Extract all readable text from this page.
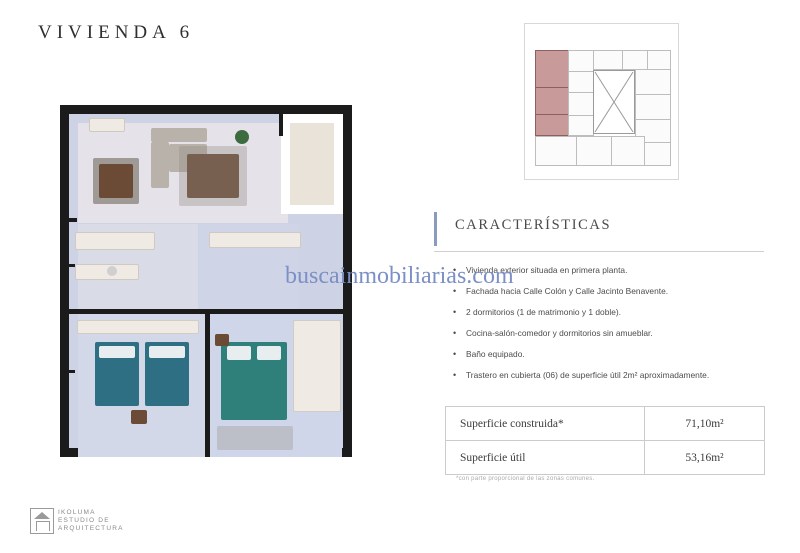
VIVIENDA 6
CARACTERÍSTICAS
• Vivienda exterior situada en primera planta.
• Fachada hacia Calle Colón y Calle Jacinto Benavente.
• 2 dormitorios (1 de matrimonio y 1 doble).
• Cocina-salón-comedor y dormitorios sin amueblar.
• Baño equipado.
• Trastero en cubierta (06) de superficie útil 2m² aproximadamente.
Superficie construida*	71,10m²
Superficie útil	53,16m²
*con parte proporcional de las zonas comunes.
buscainmobiliarias.com
IKOLUMA
ESTUDIO DE
ARQUITECTURA
